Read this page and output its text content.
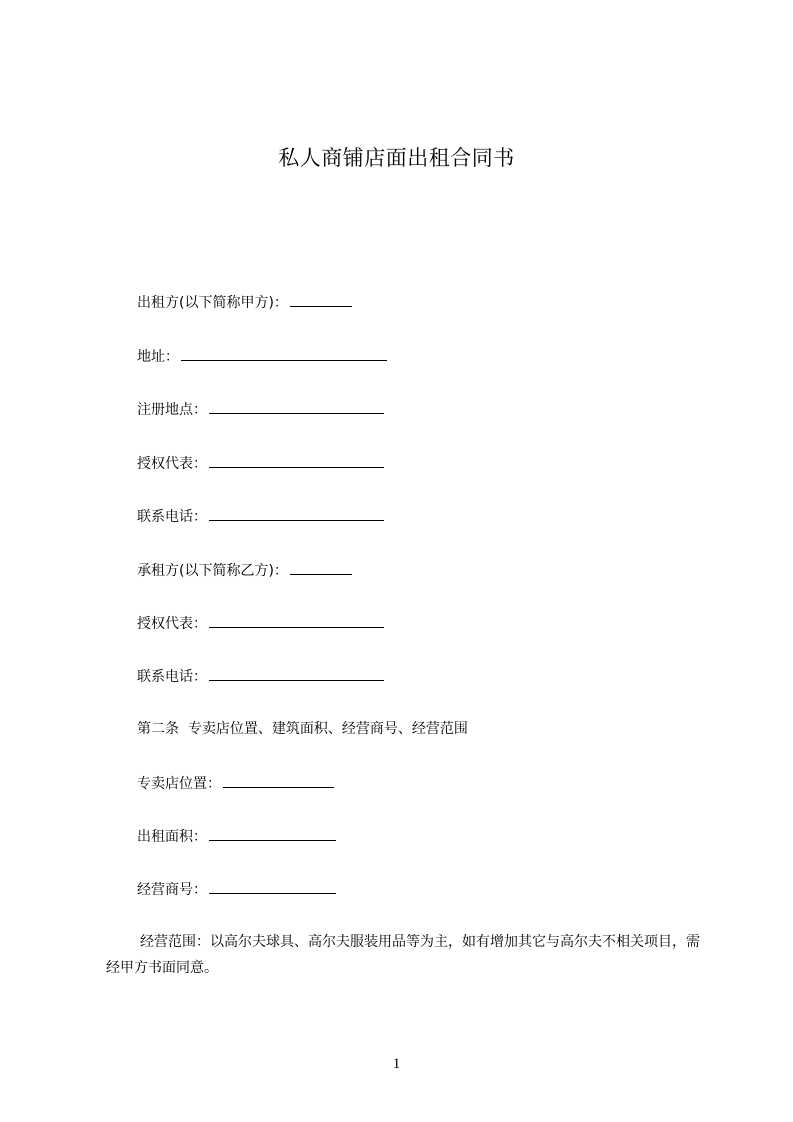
私人商铺店面出租合同书
出租方(以下简称甲方)：
地址：
注册地点：
授权代表：
联系电话：
承租方(以下简称乙方)：
授权代表：
联系电话：
第二条  专卖店位置、建筑面积、经营商号、经营范围
专卖店位置：
出租面积：
经营商号：
经营范围：以高尔夫球具、高尔夫服装用品等为主，如有增加其它与高尔夫不相关项目，需经甲方书面同意。
1
